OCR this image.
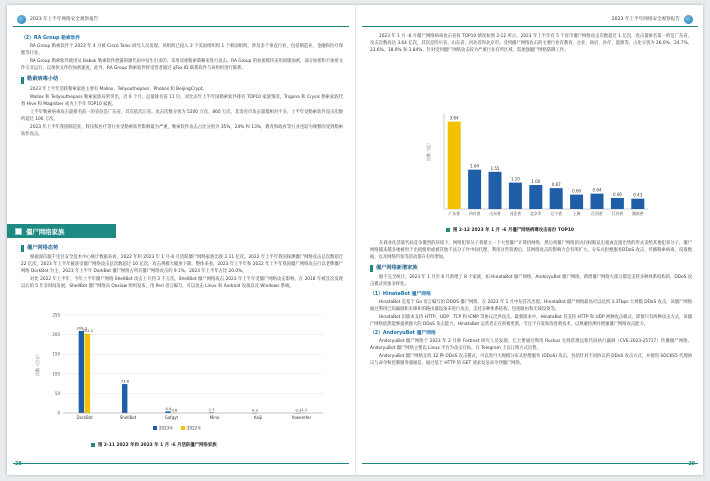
2023 年上半年网络安全观察报告
（2）RA Group 勒索软件

RA Group 勒索软件于 2023 年 4 月被 Cisco Talos 研究人员发现。该组织已侵入 3 个美国组织和 1 个韩国组织，涉及多个垂直行业，包括制造业、金融和医疗保健等行业。

RA Group 勒索软件使用从 Babuk 勒索软件泄露的源代码中衍生出来的，采用双重勒索策略来进行攻击。RA Group 的加密模块采用间歇加密，部分加密和不加密文件交叉运行，以加快文件的加密速度。此外，RA Group 勒索软件将受害者通过 qTox ID 联系软件与该组织进行联系。

勒索病毒小结

2023 年上半年活跃勒索家族主要有 Mallox、Tellyouthepass、Phobos 和 BeijingCrypt。

Mallox 和 Tellyouthepass 勒索家族异常突出，近 6 个月。总量排名前 11 位。对比去年上半年国勒索软件排名 TOP10 家族情况，Trigona 和 Crysis 勒索家族代替 Hive 和 Magniber 成为上半年 TOP10 家族。

上半年勒索病毒攻击量排名前一的省份是广东省，其次依次江省。攻击次数分别为 5200 万次、860 万次，其余省市攻击量都相对不多，上半年受勒索软件攻击次数约超过 100 万次。

2023 年上半年我国制造业，科技和医疗等行业受勒索软件影响最为严重，勒索软件攻击占比分别为 35%、24% 和 13%，教育和政府等行业也较为频繁的受到勒索软件攻击。

僵尸网络家族
僵尸网络态势

根据深信服千里目安全技术中心统计数据来看，2022 年和 2023 年 1 月-6 月活跃僵尸网络家族出现 2.11 亿次。2022 年上半年我国探测僵尸网络攻击总次数超过 22 亿次，2023 年上半年截获受僵尸网络攻击总次数超过 10 亿次，攻击规模大幅度下降。整体来看，2023 年上半年和 2022 年上半年我国僵尸网络攻击行以老牌僵尸网络 DorkBot 为主，2023 年上半年 DorkBot 僵尸网络占所有僵尸网络攻击的 9.1%，2023 年上半年占比 20.0%。

对比 2022 年上半年，今年上半年僵尸网络 ShellBot 攻击上升到 3 千万次，ShellBot 僵尸网络攻击 2023 年上半年受僵尸网络攻击影响，在 2018 年被首次发现以后的 5 年多时间发展，ShellBot 僵尸网络向 Ooxiaw 组织发布，用 Perl 语言编写，可以攻击 Linux 和 Android 设备以及 Windows 系统。

0
50
100
150
200
250
次数（百万）
209.3
202.3
DorkBot
73.8
ShellBot
4.4 0.6
Gafgyt
1.7
Mirai
0.3
Kaiji
0.3 1.1
Yowerefer
2023年	2022年
图 2-11 2022 年和 2023 年 1 月 -6 月活跃僵尸网络家族
28
2023 年上半年网络安全观察报告

2023 年 1 月 -6 月僵尸网络病毒攻击省份 TOP10 情况如图 2-12 所示。2023 年上半年有 5 个省市僵尸网络攻击次数超过 1 亿次，攻击量排名第一的是广东省，攻击次数高达 3.64 亿次，其次是四川省、山东省、河北省和北京市。受到僵尸网络攻击的主要行业有教育、企业、政府、医疗、能源等，占比分别为 26.0%、24.7%、23.6%、18.0% 和 3.84%。针对受到僵尸网络攻击较为严重行业有所区域，需加强僵尸网络防御工作。

次数（亿）
3.64
广东省
1.64
四川省
1.55
山东省
1.10
河北省
1.00
北京市
0.87
辽宁省
0.60
上海
0.64
江西省
0.46
江苏省
0.43
湖南省
图 2-12 2023 年 1 月 -6 月僵尸网络病毒攻击省份 TOP10

在商业化活量代码竞争激烈的环境下，网络犯罪分子将建立一个大型僵尸计算机网络，然后将僵尸网络的访问权限以出租或直接出售的形式卖给其他犯罪分子，僵尸网络越来越多地被用于出租使用或被其他不法分子作中间代理，利用这些资源后，其网络攻击的影响力会有所扩大，分布式拒绝服务DDoS 攻击、传播勒索病毒、窃取数据，以及网络钓鱼等活动都在有所增加。

僵尸网络新增家族

据不完全统计，2023 年 1 月至 6 月新增了 8 个家族，如 HinataBot 僵尸网络、AndoryuBot 僵尸网络，新增僵尸网络大部分都是支持多种体系结构的，DDoS 攻击模式更加多样化。

（1）HinataBot 僵尸网络

HinataBot 是基于 Go 语言编写的 DDOS 僵尸网络，在 2023 年 1 月中旬首次出现。HinataBot 僵尸网络最高可以达到 3.3Tbps 大规模 DDoS 攻击，该僵尸网络通过利用已知漏洞和未修补的路由器设备来进行攻击，支持多种体系结构，包括路由和无线设备等。

HinataBot 旧版本支持 HTTP、UDP、TCP 和 ICMP 等协议泛洪攻击，最新版本中，HinataBot 仅支持 HTTP 和 UDP 两种攻击模式，即使只有两种攻击方式，该僵尸网络依然能够提供强大的 DDoS 攻击能力，HinataBot 运营者正在积极更新，专注于开发和改进新技术，以规避检测并增强僵尸网络攻击能力。

（2）AndoryuBot 僵尸网络

AndoryuBot 僵尸网络于 2023 年 2 月被 Fortinet 研究人员发现，它主要通过利用 Ruckus 无线管理远程代码执行漏洞（CVE-2023-25717）传播僵尸网络。AndoryuBot 僵尸网络主要以 Linux 平台为攻击目标，在 Telegram 上以订阅方式出售。

AndoryuBot 僵尸网络支持 12 种 DDoS 攻击模式，可以进行大规模分布式拒绝服务 (DDoS) 攻击，包括针对不同协议的 DDoS 攻击方式，并使用 SOCKS5 代理协议与命令和控制服务器通信，通过基于 HTTP 的 GET 请求发送命令到僵尸网络。

29
